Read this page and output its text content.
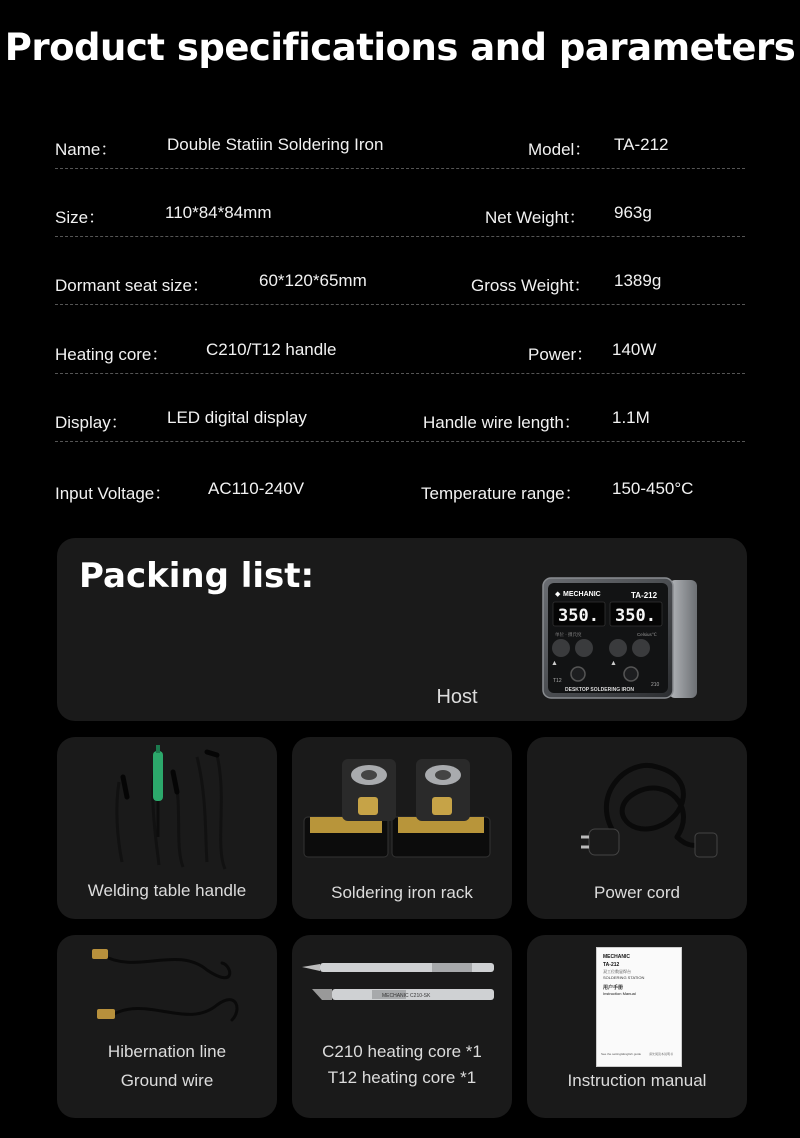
Product specifications and parameters
Name：	Double Statiin Soldering Iron	Model： TA-212
Size：	110*84*84mm	Net Weight： 963g
Dormant seat size：	60*120*65mm	Gross Weight： 1389g
Heating core： C210/T12 handle	Power： 140W
Display： LED digital display	Handle wire length： 1.1M
Input Voltage： AC110-240V	Temperature range： 150-450°C
Packing list:
Host
◆ MECHANIC	TA-212
350. 350.
单位 · 摄氏度	Celsius℃
▲	▲
T12
210
DESKTOP SOLDERING IRON
Welding table handle	Soldering iron rack	Power cord
Hibernation line
Ground wire
MECHANIC C210-SK
C210 heating core *1
T12 heating core *1
MECHANIC
TA-212
双工位数显焊台
SOLDERING STATION
用户手册
Instruction Manual
See the setting&English guide	请先阅读本说明书
Instruction manual
